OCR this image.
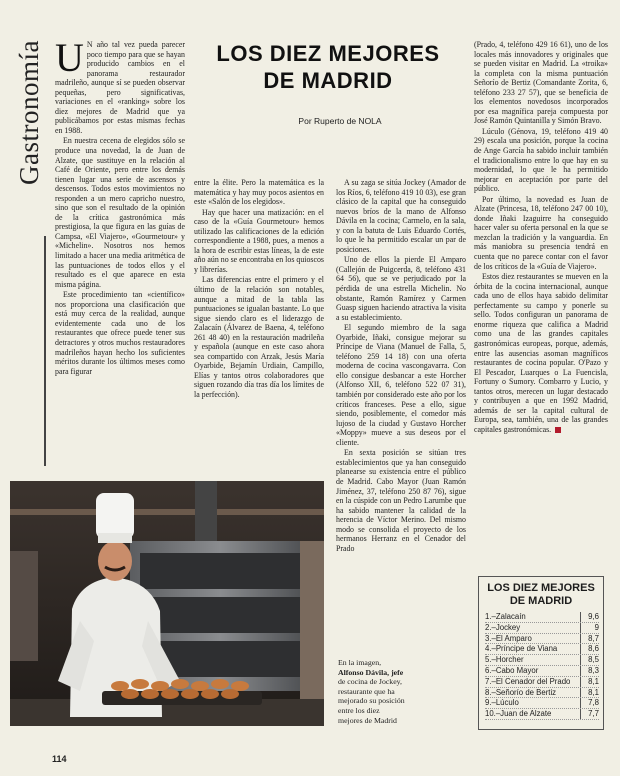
Gastronomía	LOS DIEZ MEJORES
DE MADRID
Por Ruperto de NOLA

U N año tal vez pueda parecer poco tiempo para que se hayan producido cambios en el panorama restaurador madrileño, aunque sí se pueden observar pequeñas, pero significativas, variaciones en el «ranking» sobre los diez mejores de Madrid que ya publicábamos por estas mismas fechas en 1988.

En nuestra cecena de elegidos sólo se produce una novedad, la de Juan de Alzate, que sustituye en la relación al Café de Oriente, pero entre los demás tienen lugar una serie de ascensos y descensos. Todos estos movimientos no responden a un mero capricho nuestro, sino que son el resultado de la opinión de la crítica gastronómica más prestigiosa, la que figura en las guías de Campsa, «El Viajero», «Gourmetour» y «Michelin». Nosotros nos hemos limitado a hacer una media aritmética de las puntuaciones de todos ellos y el resultado es el que aparece en esta misma página.

Este procedimiento tan «científico» nos proporciona una clasificación que está muy cerca de la realidad, aunque evidentemente cada uno de los restaurantes que ofrece puede tener sus detractores y otros muchos restauradores madrileños hayan hecho los suficientes méritos durante los últimos meses como para figurar

entre la élite. Pero la matemática es la matemática y hay muy pocos asientos en este «Salón de los elegidos».

Hay que hacer una matización: en el caso de la «Guía Gourmetour» hemos utilizado las calificaciones de la edición correspondiente a 1988, pues, a menos a la hora de escribir estas líneas, la de este año aún no se encontraba en los quioscos y librerías.

Las diferencias entre el primero y el último de la relación son notables, aunque a mitad de la tabla las puntuaciones se igualan bastante. Lo que sigue siendo claro es el liderazgo de Zalacaín (Álvarez de Baena, 4, teléfono 261 48 40) en la restauración madrileña y española (aunque en este caso ahora sea compartido con Arzak, Jesús María Oyarbide, Bejamín Urdiain, Campillo, Elías y tantos otros colaboradores que siguen rozando día tras día los límites de la perfección).

A su zaga se sitúa Jockey (Amador de los Ríos, 6, teléfono 419 10 03), ese gran clásico de la capital que ha conseguido nuevos bríos de la mano de Alfonso Dávila en la cocina; Carmelo, en la sala, y con la batuta de Luis Eduardo Cortés, lo que le ha permitido escalar un par de posiciones.

Uno de ellos la pierde El Amparo (Callejón de Puigcerda, 8, teléfono 431 64 56), que se ve perjudicado por la pérdida de una estrella Michelin. No obstante, Ramón Ramírez y Carmen Guasp siguen haciendo atractiva la visita a su establecimiento.

El segundo miembro de la saga Oyarbide, Iñaki, consigue mejorar su Príncipe de Viana (Manuel de Falla, 5, teléfono 259 14 18) con una oferta moderna de cocina vascongavarra. Con ello consigue desbancar a este Horcher (Alfonso XII, 6, teléfono 522 07 31), también por considerado este año por los críticos franceses. Pese a ello, sigue siendo, posiblemente, el comedor más lujoso de la ciudad y Gustavo Horcher «Moppy» mueve a sus deseos por el cliente.

En sexta posición se sitúan tres establecimientos que ya han conseguido planearse su existencia entre el público de Madrid. Cabo Mayor (Juan Ramón Jiménez, 37, teléfono 250 87 76), sigue en la cúspide con un Pedro Larumbe que ha sabido mantener la calidad de la herencia de Víctor Merino. Del mismo modo se consolida el proyecto de los hermanos Herranz en el Cenador del Prado

(Prado, 4, teléfono 429 16 61), uno de los locales más innovadores y originales que se pueden visitar en Madrid. La «troika» la completa con la misma puntuación Señorío de Bertiz (Comandante Zorita, 6, teléfono 233 27 57), que se beneficia de los elementos novedosos incorporados por esa magnífica pareja compuesta por José Ramón Quintanilla y Simón Bravo.

Lúculo (Génova, 19, teléfono 419 40 29) escala una posición, porque la cocina de Ange García ha sabido incluir también el tradicionalismo entre lo que hay en su modernidad, lo que le ha permitido mejorar en aceptación por parte del público.

Por último, la novedad es Juan de Alzate (Princesa, 18, teléfono 247 00 10), donde Iñaki Izaguirre ha conseguido hacer valer su oferta personal en la que se mezclan la tradición y la vanguardia. En más maniobra su presencia tendrá en cuenta que no parece contar con el favor de los críticos de la «Guía de Viajero».

Estos diez restaurantes se mueven en la órbita de la cocina internacional, aunque cada uno de ellos haya sabido delimitar perfectamente su campo y ponerle su sello. Todos configuran un panorama de enorme riqueza que califica a Madrid como una de las grandes capitales gastronómicas europeas, porque, además, entre las ausencias asoman magníficos restaurantes de cocina popular. O'Pazo y El Pescador, Luarques o La Fuencisla, Fortuny o Sumory. Combarro y Lucio, y tantos otros, merecen un lugar destacado y contribuyen a que en 1992 Madrid, además de ser la capital cultural de Europa, sea, también, una de las grandes capitales gastronómicas.

En la imagen,
Alfonso Dávila, jefe
de cocina de Jockey,
restaurante que ha
mejorado su posición
entre los diez
mejores de Madrid
LOS DIEZ MEJORES
DE MADRID
1.–Zalacaín	9,6
2.–Jockey	9
3.–El Amparo	8,7
4.–Príncipe de Viana	8,6
5.–Horcher	8,5
6.–Cabo Mayor	8,3
7.–El Cenador del Prado	8,1
8.–Señorío de Bertiz	8,1
9.–Lúculo	7,8
10.–Juan de Alzate	7,7
114
